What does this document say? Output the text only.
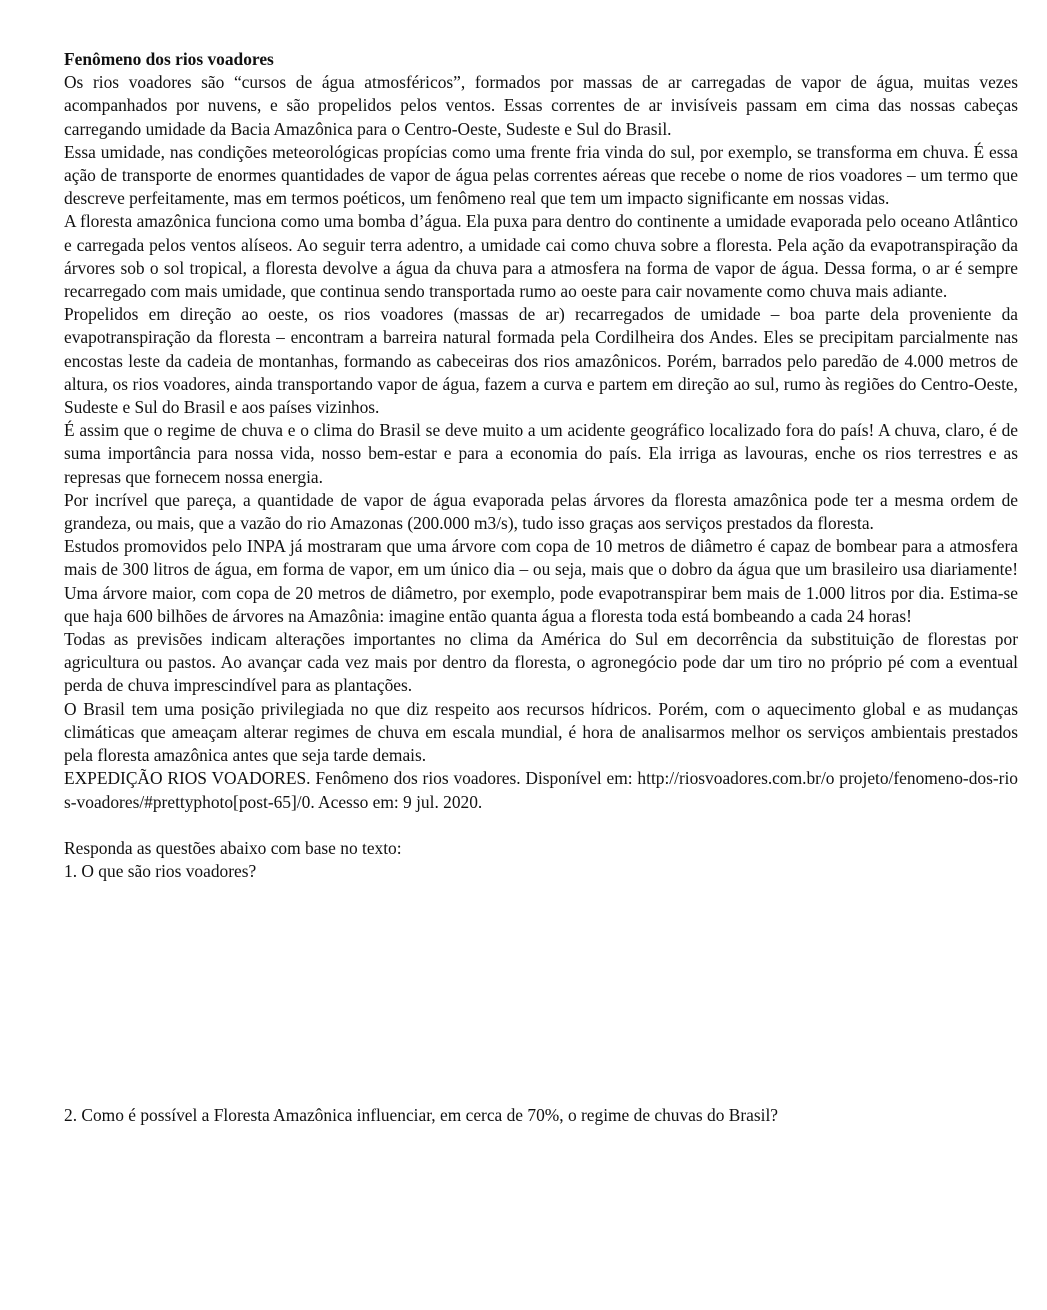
Fenômeno dos rios voadores

Os rios voadores são “cursos de água atmosféricos”, formados por massas de ar carregadas de vapor de água, muitas vezes acompanhados por nuvens, e são propelidos pelos ventos. Essas correntes de ar invisíveis passam em cima das nossas cabeças carregando umidade da Bacia Amazônica para o Centro-Oeste, Sudeste e Sul do Brasil.

Essa umidade, nas condições meteorológicas propícias como uma frente fria vinda do sul, por exemplo, se transforma em chuva. É essa ação de transporte de enormes quantidades de vapor de água pelas correntes aéreas que recebe o nome de rios voadores – um termo que descreve perfeitamente, mas em termos poéticos, um fenômeno real que tem um impacto significante em nossas vidas.

A floresta amazônica funciona como uma bomba d’água. Ela puxa para dentro do continente a umidade evaporada pelo oceano Atlântico e carregada pelos ventos alíseos. Ao seguir terra adentro, a umidade cai como chuva sobre a floresta. Pela ação da evapotranspiração da árvores sob o sol tropical, a floresta devolve a água da chuva para a atmosfera na forma de vapor de água. Dessa forma, o ar é sempre recarregado com mais umidade, que continua sendo transportada rumo ao oeste para cair novamente como chuva mais adiante.

Propelidos em direção ao oeste, os rios voadores (massas de ar) recarregados de umidade – boa parte dela proveniente da evapotranspiração da floresta – encontram a barreira natural formada pela Cordilheira dos Andes. Eles se precipitam parcialmente nas encostas leste da cadeia de montanhas, formando as cabeceiras dos rios amazônicos. Porém, barrados pelo paredão de 4.000 metros de altura, os rios voadores, ainda transportando vapor de água, fazem a curva e partem em direção ao sul, rumo às regiões do Centro-Oeste, Sudeste e Sul do Brasil e aos países vizinhos.

É assim que o regime de chuva e o clima do Brasil se deve muito a um acidente geográfico localizado fora do país! A chuva, claro, é de suma importância para nossa vida, nosso bem-estar e para a economia do país. Ela irriga as lavouras, enche os rios terrestres e as represas que fornecem nossa energia.

Por incrível que pareça, a quantidade de vapor de água evaporada pelas árvores da floresta amazônica pode ter a mesma ordem de grandeza, ou mais, que a vazão do rio Amazonas (200.000 m3/s), tudo isso graças aos serviços prestados da floresta.

Estudos promovidos pelo INPA já mostraram que uma árvore com copa de 10 metros de diâmetro é capaz de bombear para a atmosfera mais de 300 litros de água, em forma de vapor, em um único dia – ou seja, mais que o dobro da água que um brasileiro usa diariamente! Uma árvore maior, com copa de 20 metros de diâmetro, por exemplo, pode evapotranspirar bem mais de 1.000 litros por dia. Estima-se que haja 600 bilhões de árvores na Amazônia: imagine então quanta água a floresta toda está bombeando a cada 24 horas!

Todas as previsões indicam alterações importantes no clima da América do Sul em decorrência da substituição de florestas por agricultura ou pastos. Ao avançar cada vez mais por dentro da floresta, o agronegócio pode dar um tiro no próprio pé com a eventual perda de chuva imprescindível para as plantações.

O Brasil tem uma posição privilegiada no que diz respeito aos recursos hídricos. Porém, com o aquecimento global e as mudanças climáticas que ameaçam alterar regimes de chuva em escala mundial, é hora de analisarmos melhor os serviços ambientais prestados pela floresta amazônica antes que seja tarde demais.

EXPEDIÇÃO RIOS VOADORES. Fenômeno dos rios voadores. Disponível em: http://riosvoadores.com.br/o projeto/fenomeno-dos-rios-voadores/#prettyphoto[post-65]/0. Acesso em: 9 jul. 2020.

Responda as questões abaixo com base no texto:

1. O que são rios voadores?

2. Como é possível a Floresta Amazônica influenciar, em cerca de 70%, o regime de chuvas do Brasil?
